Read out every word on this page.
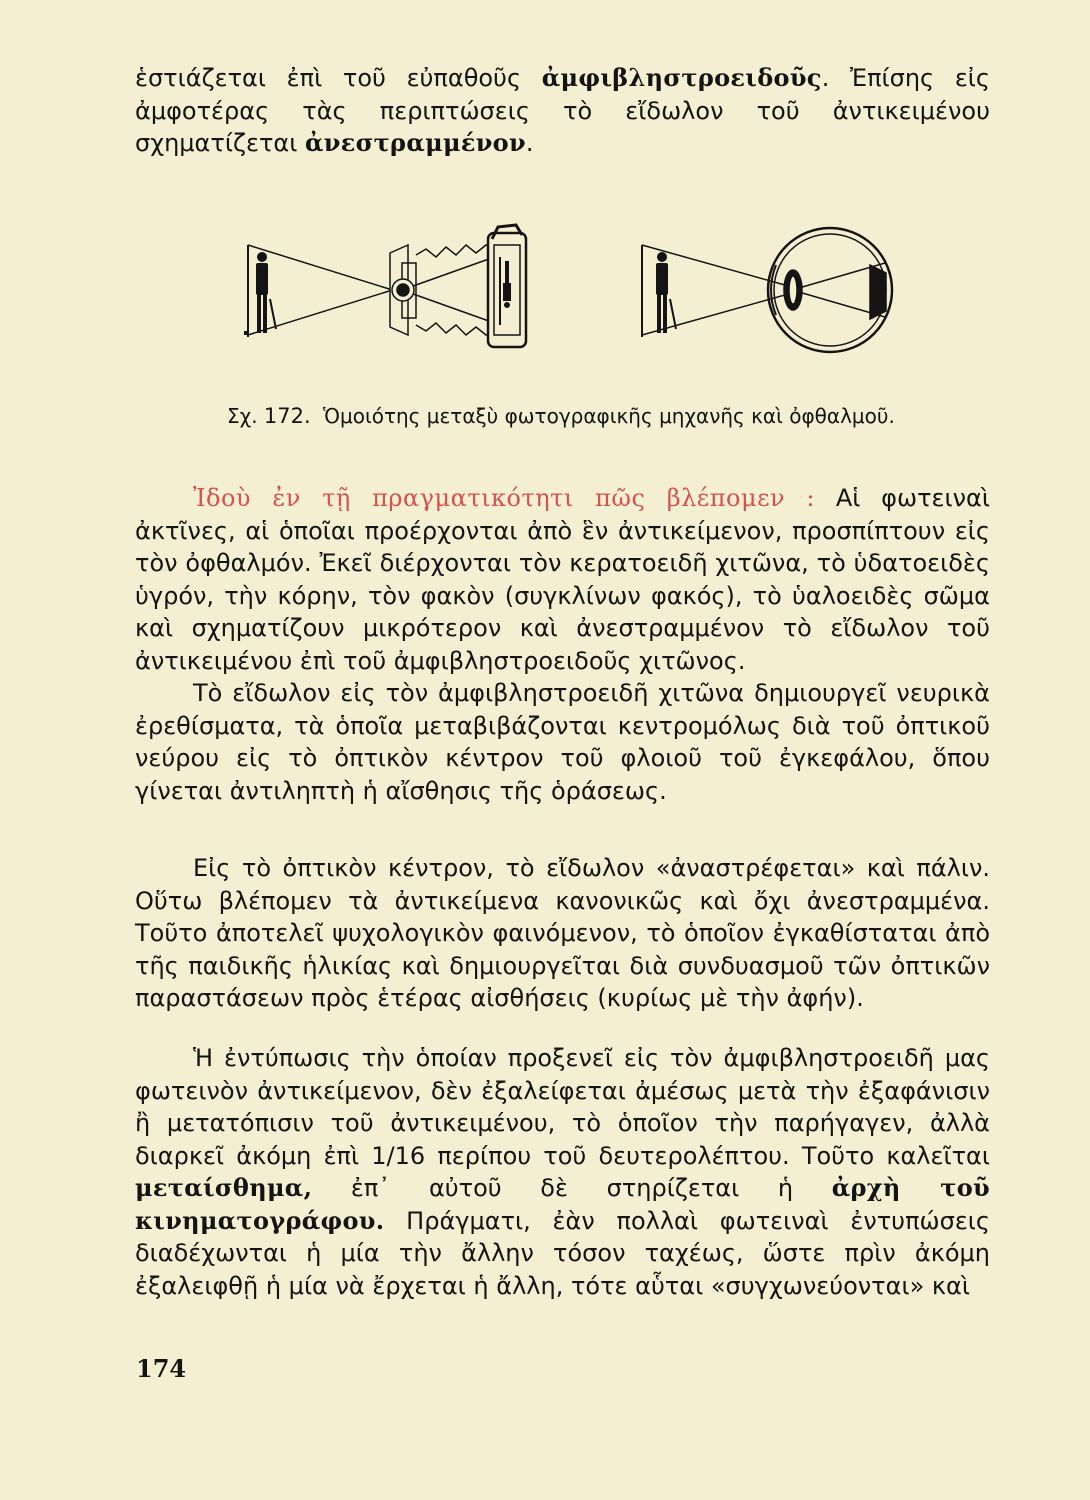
ἑστιάζεται ἐπὶ τοῦ εὐπαθοῦς ἀμφιβληστροειδοῦς. Ἐπίσης εἰς ἀμφοτέρας τὰς περιπτώσεις τὸ εἴδωλον τοῦ ἀντικειμένου σχηματίζεται ἀνεστραμμένον.

Σχ. 172. Ὁμοιότης μεταξὺ φωτογραφικῆς μηχανῆς καὶ ὀφθαλμοῦ.

Ἰδοὺ ἐν τῇ πραγματικότητι πῶς βλέπομεν : Αἱ φωτειναὶ ἀκτῖνες, αἱ ὁποῖαι προέρχονται ἀπὸ ἓν ἀντικείμενον, προσπίπτουν εἰς τὸν ὀφθαλμόν. Ἐκεῖ διέρχονται τὸν κερατοειδῆ χιτῶνα, τὸ ὑδατοειδὲς ὑγρόν, τὴν κόρην, τὸν φακὸν (συγκλίνων φακός), τὸ ὑαλοειδὲς σῶμα καὶ σχηματίζουν μικρότερον καὶ ἀνεστραμμένον τὸ εἴδωλον τοῦ ἀντικειμένου ἐπὶ τοῦ ἀμφιβληστροειδοῦς χιτῶνος.

Τὸ εἴδωλον εἰς τὸν ἀμφιβληστροειδῆ χιτῶνα δημιουργεῖ νευρικὰ ἐρεθίσματα, τὰ ὁποῖα μεταβιβάζονται κεντρομόλως διὰ τοῦ ὀπτικοῦ νεύρου εἰς τὸ ὀπτικὸν κέντρον τοῦ φλοιοῦ τοῦ ἐγκεφάλου, ὅπου γίνεται ἀντιληπτὴ ἡ αἴσθησις τῆς ὁράσεως.

Εἰς τὸ ὀπτικὸν κέντρον, τὸ εἴδωλον «ἀναστρέφεται» καὶ πάλιν. Οὕτω βλέπομεν τὰ ἀντικείμενα κανονικῶς καὶ ὄχι ἀνεστραμμένα. Τοῦτο ἀποτελεῖ ψυχολογικὸν φαινόμενον, τὸ ὁποῖον ἐγκαθίσταται ἀπὸ τῆς παιδικῆς ἡλικίας καὶ δημιουργεῖται διὰ συνδυασμοῦ τῶν ὀπτικῶν παραστάσεων πρὸς ἑτέρας αἰσθήσεις (κυρίως μὲ τὴν ἀφήν).

Ἡ ἐντύπωσις τὴν ὁποίαν προξενεῖ εἰς τὸν ἀμφιβληστροειδῆ μας φωτεινὸν ἀντικείμενον, δὲν ἐξαλείφεται ἀμέσως μετὰ τὴν ἐξαφάνισιν ἢ μετατόπισιν τοῦ ἀντικειμένου, τὸ ὁποῖον τὴν παρήγαγεν, ἀλλὰ διαρκεῖ ἀκόμη ἐπὶ 1/16 περίπου τοῦ δευτερολέπτου. Τοῦτο καλεῖται μεταίσθημα, ἐπ᾽ αὐτοῦ δὲ στηρίζεται ἡ ἀρχὴ τοῦ κινηματογράφου. Πράγματι, ἐὰν πολλαὶ φωτειναὶ ἐντυπώσεις διαδέχωνται ἡ μία τὴν ἄλλην τόσον ταχέως, ὥστε πρὶν ἀκόμη ἐξαλειφθῇ ἡ μία νὰ ἔρχεται ἡ ἄλλη, τότε αὗται «συγχωνεύονται» καὶ

174
